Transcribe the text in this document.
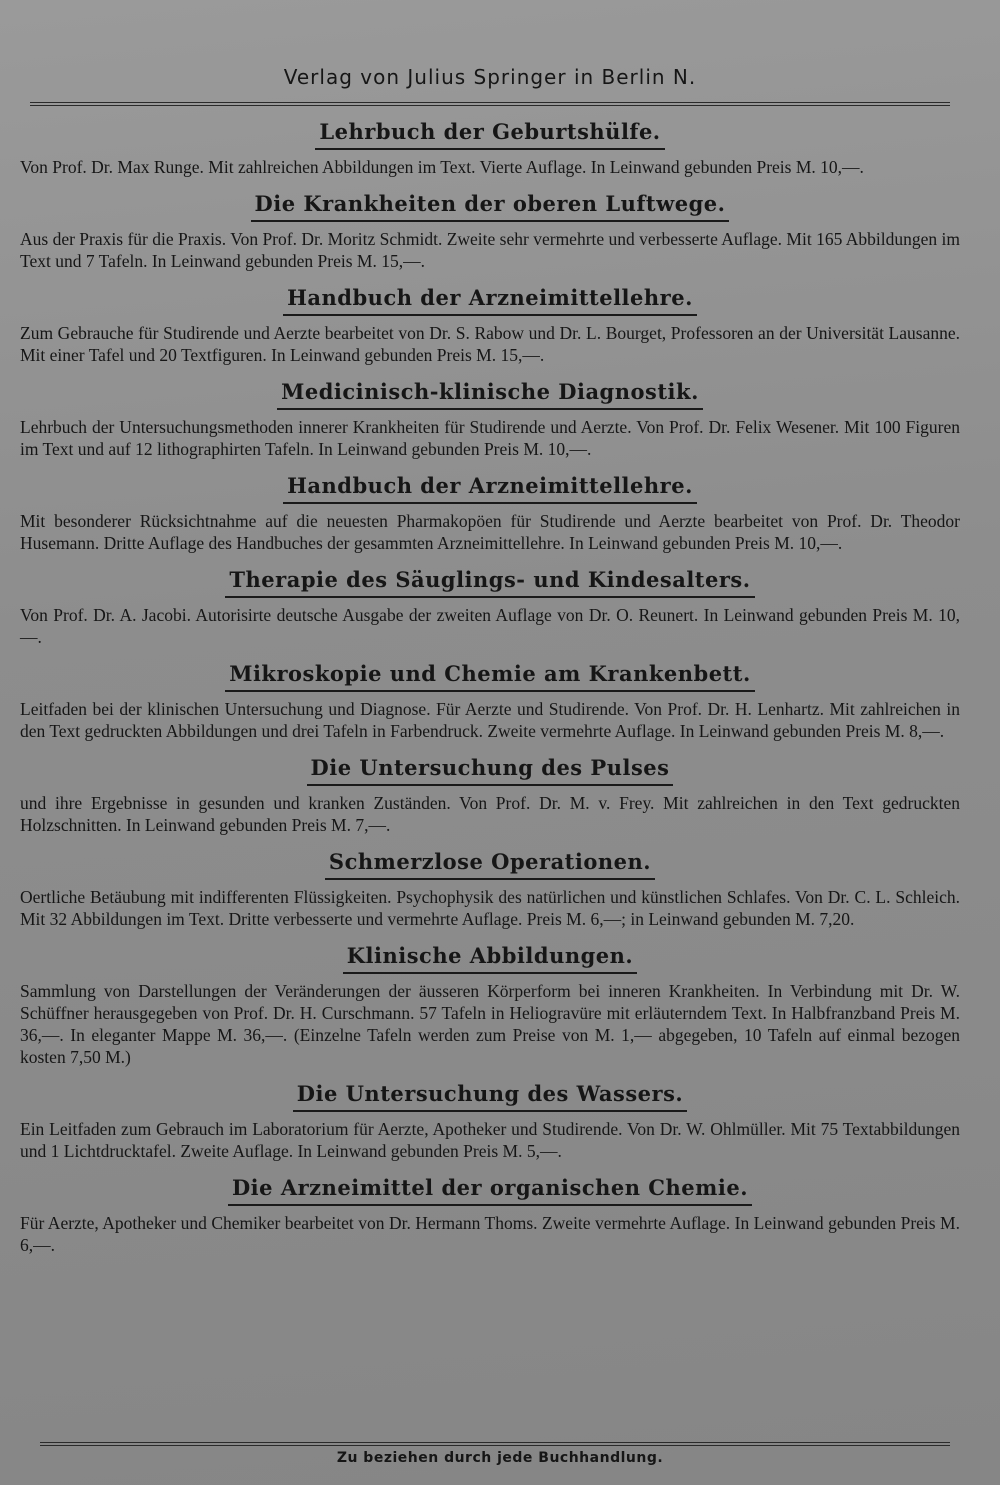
Verlag von Julius Springer in Berlin N.
Lehrbuch der Geburtshülfe.

Von Prof. Dr. Max Runge. Mit zahlreichen Abbildungen im Text. Vierte Auflage. In Leinwand gebunden Preis M. 10,—.

Die Krankheiten der oberen Luftwege.

Aus der Praxis für die Praxis. Von Prof. Dr. Moritz Schmidt. Zweite sehr vermehrte und verbesserte Auflage. Mit 165 Abbildungen im Text und 7 Tafeln. In Leinwand gebunden Preis M. 15,—.

Handbuch der Arzneimittellehre.

Zum Gebrauche für Studirende und Aerzte bearbeitet von Dr. S. Rabow und Dr. L. Bourget, Professoren an der Universität Lausanne. Mit einer Tafel und 20 Textfiguren. In Leinwand gebunden Preis M. 15,—.

Medicinisch-klinische Diagnostik.

Lehrbuch der Untersuchungsmethoden innerer Krankheiten für Studirende und Aerzte. Von Prof. Dr. Felix Wesener. Mit 100 Figuren im Text und auf 12 lithographirten Tafeln. In Leinwand gebunden Preis M. 10,—.

Handbuch der Arzneimittellehre.

Mit besonderer Rücksichtnahme auf die neuesten Pharmakopöen für Studirende und Aerzte bearbeitet von Prof. Dr. Theodor Husemann. Dritte Auflage des Handbuches der gesammten Arzneimittellehre. In Leinwand gebunden Preis M. 10,—.

Therapie des Säuglings- und Kindesalters.

Von Prof. Dr. A. Jacobi. Autorisirte deutsche Ausgabe der zweiten Auflage von Dr. O. Reunert. In Leinwand gebunden Preis M. 10,—.

Mikroskopie und Chemie am Krankenbett.

Leitfaden bei der klinischen Untersuchung und Diagnose. Für Aerzte und Studirende. Von Prof. Dr. H. Lenhartz. Mit zahlreichen in den Text gedruckten Abbildungen und drei Tafeln in Farbendruck. Zweite vermehrte Auflage. In Leinwand gebunden Preis M. 8,—.

Die Untersuchung des Pulses

und ihre Ergebnisse in gesunden und kranken Zuständen. Von Prof. Dr. M. v. Frey. Mit zahlreichen in den Text gedruckten Holzschnitten. In Leinwand gebunden Preis M. 7,—.

Schmerzlose Operationen.

Oertliche Betäubung mit indifferenten Flüssigkeiten. Psychophysik des natürlichen und künstlichen Schlafes. Von Dr. C. L. Schleich. Mit 32 Abbildungen im Text. Dritte verbesserte und vermehrte Auflage. Preis M. 6,—; in Leinwand gebunden M. 7,20.

Klinische Abbildungen.

Sammlung von Darstellungen der Veränderungen der äusseren Körperform bei inneren Krankheiten. In Verbindung mit Dr. W. Schüffner herausgegeben von Prof. Dr. H. Curschmann. 57 Tafeln in Heliogravüre mit erläuterndem Text. In Halbfranzband Preis M. 36,—. In eleganter Mappe M. 36,—. (Einzelne Tafeln werden zum Preise von M. 1,— abgegeben, 10 Tafeln auf einmal bezogen kosten 7,50 M.)

Die Untersuchung des Wassers.

Ein Leitfaden zum Gebrauch im Laboratorium für Aerzte, Apotheker und Studirende. Von Dr. W. Ohlmüller. Mit 75 Textabbildungen und 1 Lichtdrucktafel. Zweite Auflage. In Leinwand gebunden Preis M. 5,—.

Die Arzneimittel der organischen Chemie.

Für Aerzte, Apotheker und Chemiker bearbeitet von Dr. Hermann Thoms. Zweite vermehrte Auflage. In Leinwand gebunden Preis M. 6,—.

Zu beziehen durch jede Buchhandlung.
